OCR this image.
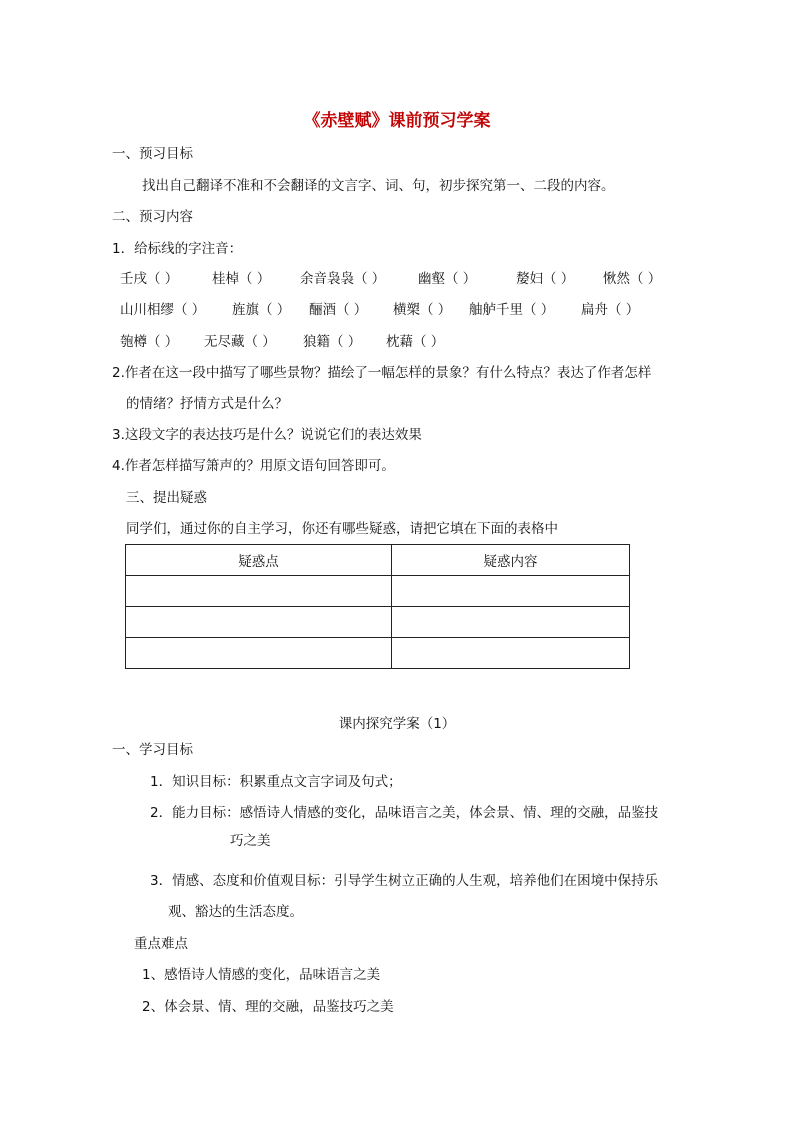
《赤壁赋》课前预习学案
一、预习目标
找出自己翻译不准和不会翻译的文言字、词、句，初步探究第一、二段的内容。
二、预习内容
1．给标线的字注音：
壬戌（ ） 桂棹（ ） 余音袅袅（ ） 幽壑（ ）	嫠妇（ ） 愀然（ ）
山川相缪（ ） 旌旗（ ） 酾酒（ ） 横槊（ ） 舳舻千里（ ） 扁舟（ ）
匏樽（ ） 无尽藏（ ） 狼籍（ ） 枕藉（ ）
2.作者在这一段中描写了哪些景物？描绘了一幅怎样的景象？有什么特点？表达了作者怎样
的情绪？抒情方式是什么？
3.这段文字的表达技巧是什么？说说它们的表达效果
4.作者怎样描写箫声的？用原文语句回答即可。
三、提出疑惑
同学们，通过你的自主学习，你还有哪些疑惑，请把它填在下面的表格中
疑惑点	疑惑内容

课内探究学案（1）
一、学习目标
1．知识目标：积累重点文言字词及句式；
2．能力目标：感悟诗人情感的变化，品味语言之美，体会景、情、理的交融，品鉴技
巧之美
3．情感、态度和价值观目标：引导学生树立正确的人生观，培养他们在困境中保持乐
观、豁达的生活态度。
重点难点
1、感悟诗人情感的变化，品味语言之美
2、体会景、情、理的交融，品鉴技巧之美
